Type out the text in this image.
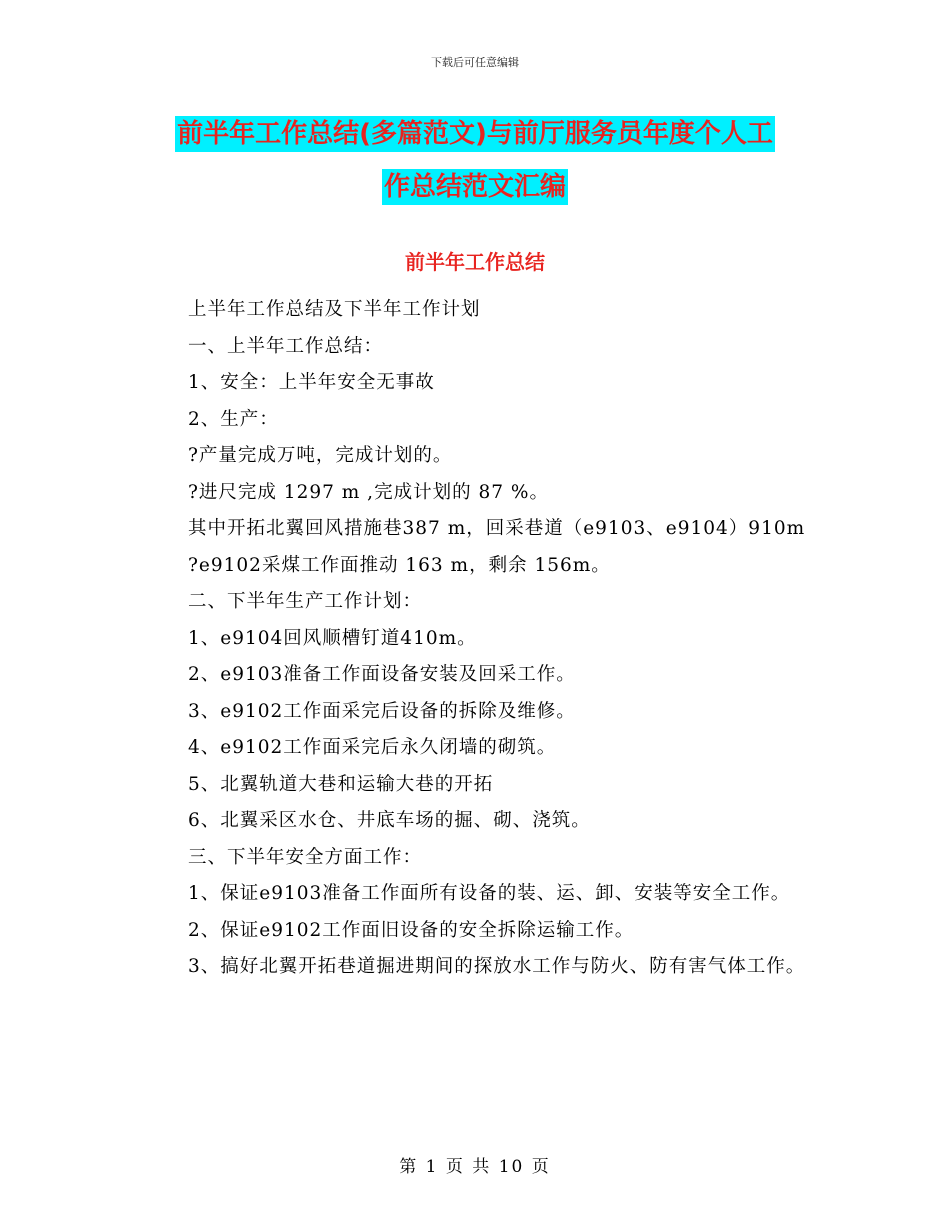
下载后可任意编辑
前半年工作总结(多篇范文)与前厅服务员年度个人工
作总结范文汇编
前半年工作总结

上半年工作总结及下半年工作计划

一、上半年工作总结：

1、安全：上半年安全无事故

2、生产：

?产量完成万吨，完成计划的。

?进尺完成 1297 m ,完成计划的 87 %。

其中开拓北翼回风措施巷387 m，回采巷道（e9103、e9104）910m

?e9102采煤工作面推动 163 m，剩余 156m。

二、下半年生产工作计划：

1、e9104回风顺槽钉道410m。

2、e9103准备工作面设备安装及回采工作。

3、e9102工作面采完后设备的拆除及维修。

4、e9102工作面采完后永久闭墙的砌筑。

5、北翼轨道大巷和运输大巷的开拓

6、北翼采区水仓、井底车场的掘、砌、浇筑。

三、下半年安全方面工作：

1、保证e9103准备工作面所有设备的装、运、卸、安装等安全工作。

2、保证e9102工作面旧设备的安全拆除运输工作。

3、搞好北翼开拓巷道掘进期间的探放水工作与防火、防有害气体工作。

第 1 页 共 10 页
